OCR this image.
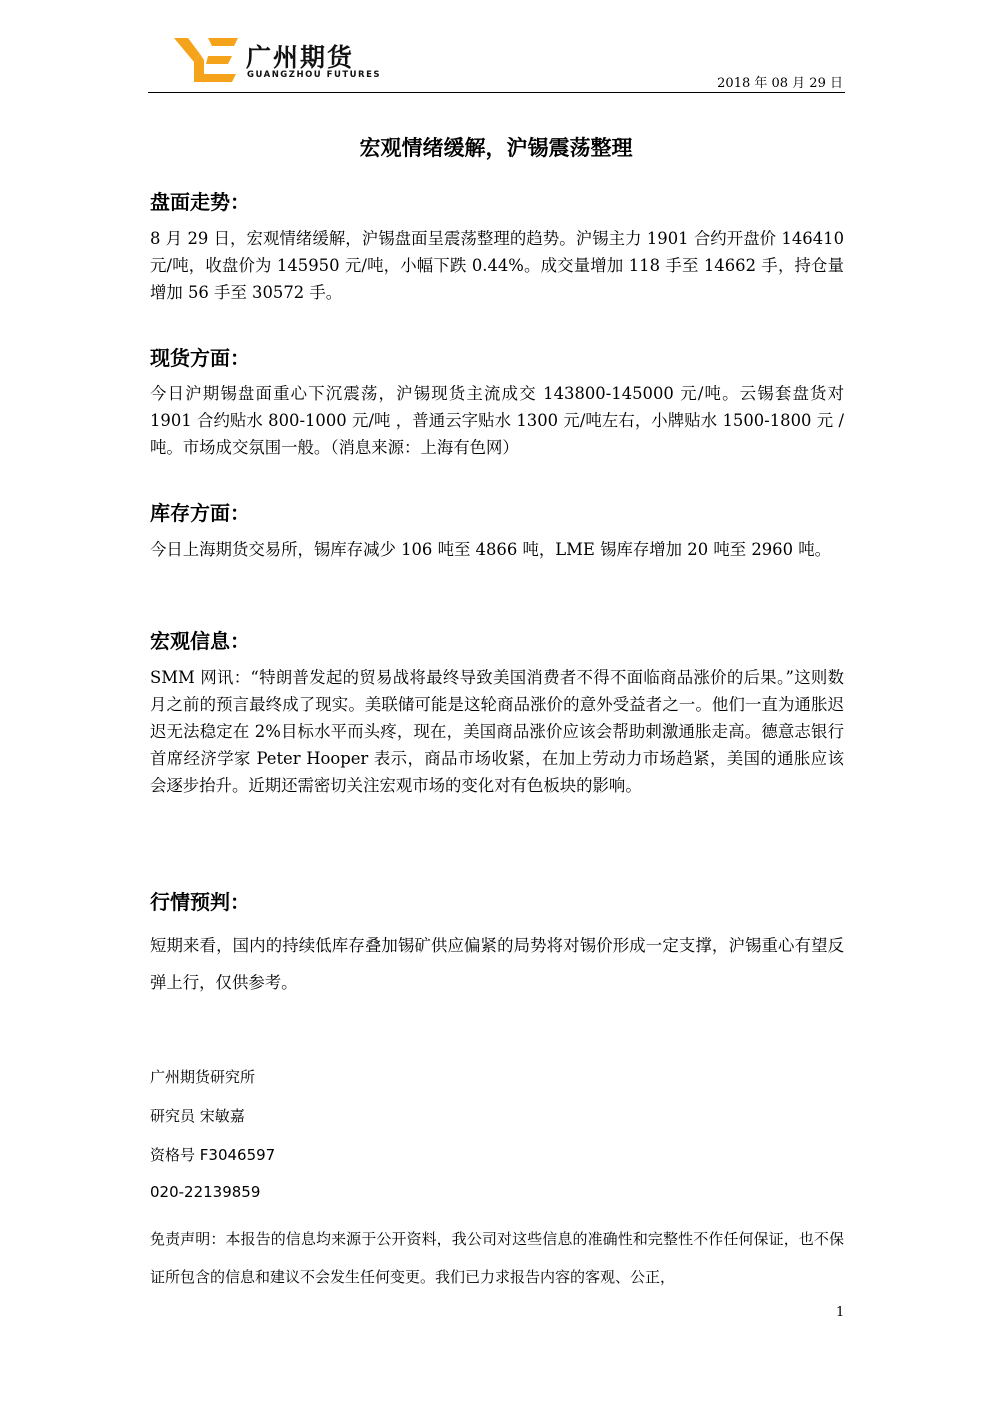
广州期货
GUANGZHOU FUTURES
2018 年 08 月 29 日
宏观情绪缓解，沪锡震荡整理
盘面走势：
8 月 29 日，宏观情绪缓解，沪锡盘面呈震荡整理的趋势。沪锡主力 1901 合约开盘价 146410 元/吨，收盘价为 145950 元/吨，小幅下跌 0.44%。成交量增加 118 手至 14662 手，持仓量增加 56 手至 30572 手。
现货方面：
今日沪期锡盘面重心下沉震荡，沪锡现货主流成交 143800-145000 元/吨。云锡套盘货对 1901 合约贴水 800-1000 元/吨 ，普通云字贴水 1300 元/吨左右，小牌贴水 1500-1800 元 /吨。市场成交氛围一般。（消息来源：上海有色网）
库存方面：
今日上海期货交易所，锡库存减少 106 吨至 4866 吨，LME 锡库存增加 20 吨至 2960 吨。
宏观信息：
SMM 网讯：“特朗普发起的贸易战将最终导致美国消费者不得不面临商品涨价的后果。”这则数月之前的预言最终成了现实。美联储可能是这轮商品涨价的意外受益者之一。他们一直为通胀迟迟无法稳定在 2%目标水平而头疼，现在，美国商品涨价应该会帮助刺激通胀走高。德意志银行首席经济学家 Peter Hooper 表示，商品市场收紧，在加上劳动力市场趋紧，美国的通胀应该会逐步抬升。近期还需密切关注宏观市场的变化对有色板块的影响。
行情预判：
短期来看，国内的持续低库存叠加锡矿供应偏紧的局势将对锡价形成一定支撑，沪锡重心有望反弹上行，仅供参考。
广州期货研究所
研究员 宋敏嘉
资格号 F3046597
020-22139859
免责声明：本报告的信息均来源于公开资料，我公司对这些信息的准确性和完整性不作任何保证，也不保证所包含的信息和建议不会发生任何变更。我们已力求报告内容的客观、公正，
1
